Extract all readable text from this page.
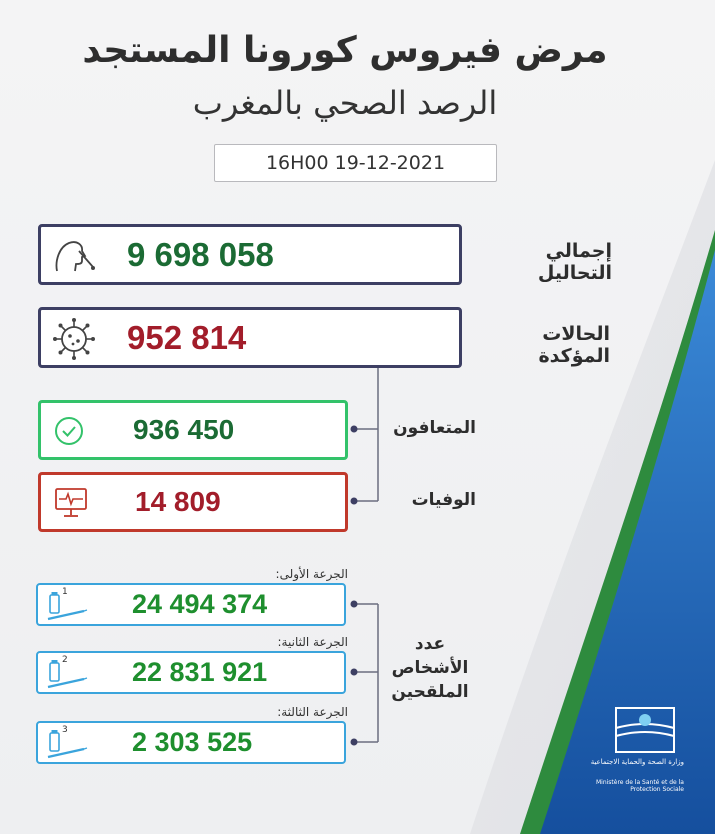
مرض فيروس كورونا المستجد
الرصد الصحي بالمغرب
16H00 19-12-2021
9 698 058	إجمالي التحاليل
952 814	الحالات المؤكدة
936 450	المتعافون
14 809	الوفيات
الجرعة الأولى:
1 24 494 374
الجرعة الثانية:
2 22 831 921
الجرعة الثالثة:
3 2 303 525
عدد
الأشخاص
الملقحين
وزارة الصحة والحماية الاجتماعية
Ministère de la Santé et de la Protection Sociale
